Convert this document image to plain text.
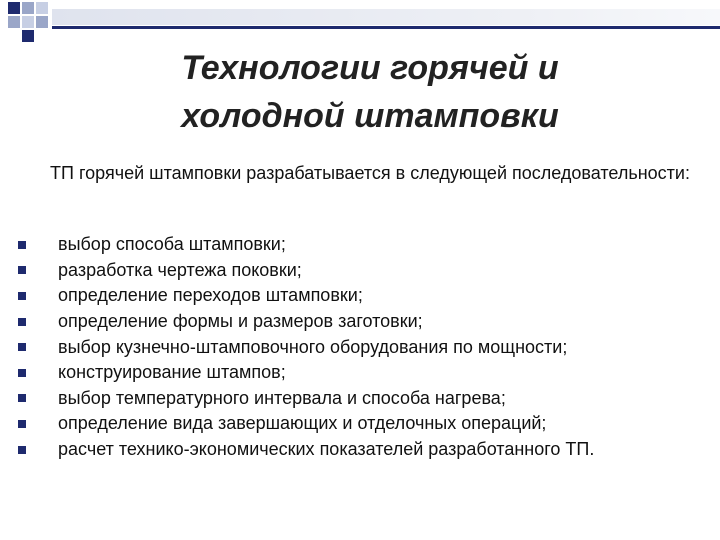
Технологии горячей и
холодной штамповки

ТП горячей штамповки разрабатывается в следующей последовательности:

выбор способа штамповки;
разработка чертежа поковки;
определение переходов штамповки;
определение формы и размеров заготовки;
выбор кузнечно-штамповочного оборудования по мощности;
конструирование штампов;
выбор температурного интервала и способа нагрева;
определение вида завершающих и отделочных операций;
расчет технико-экономических показателей разработанного ТП.
